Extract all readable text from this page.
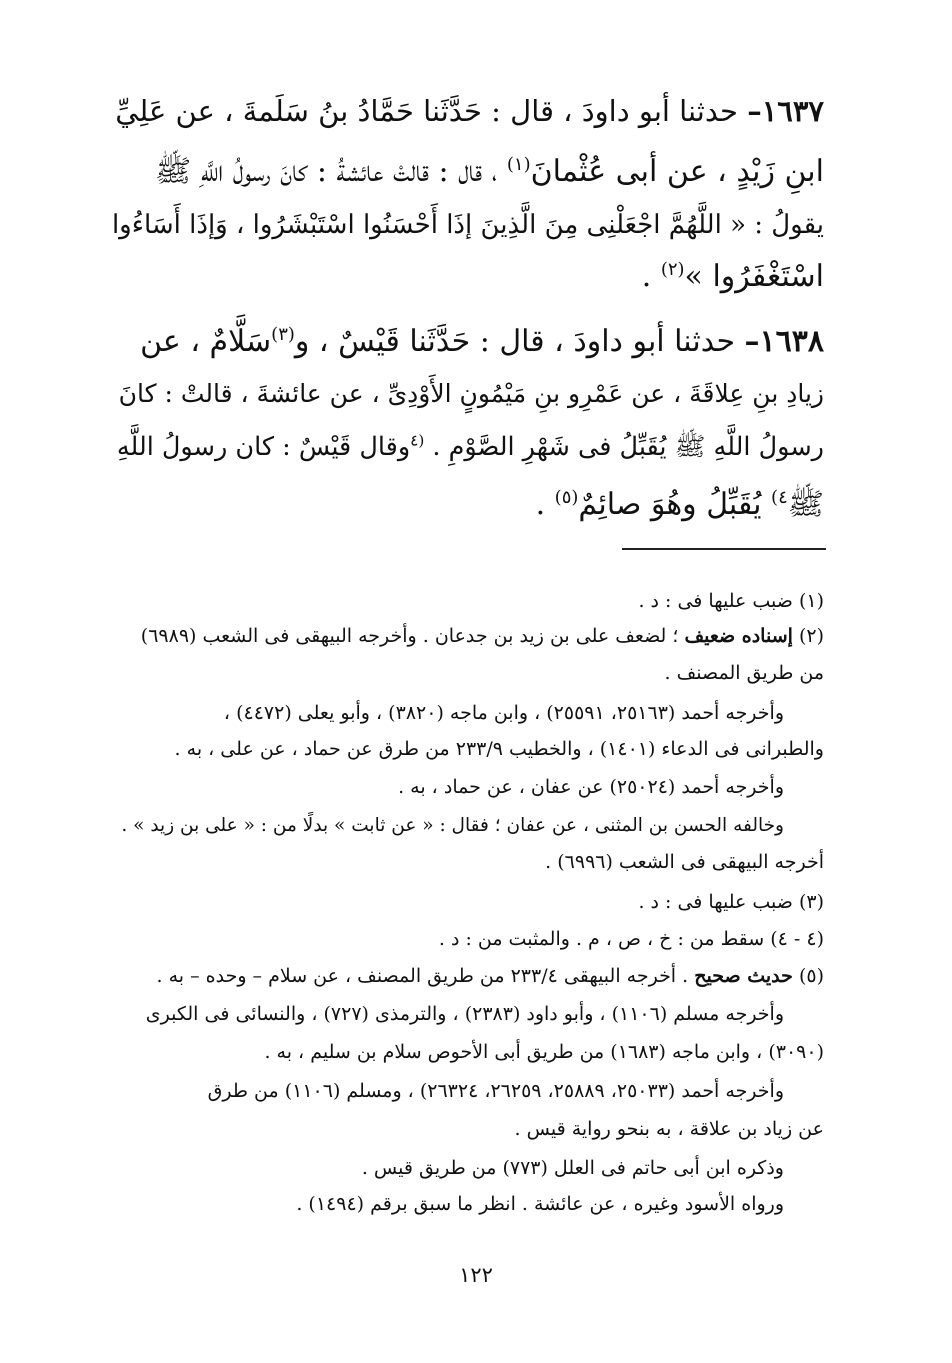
١٦٣٧– حدثنا أبو داودَ ، قال : حَدَّثَنا حَمَّادُ بنُ سَلَمةَ ، عن عَلِيِّ
ابنِ زَيْدٍ ، عن أبى عُثْمانَ$^{(١)}$ ، قال : قالتْ عائشةُ : كانَ رسولُ اللَّهِ ﷺ
يقولُ : « اللَّهُمَّ اجْعَلْنِى مِنَ الَّذِينَ إذَا أَحْسَنُوا اسْتَبْشَرُوا ، وَإذَا أَسَاءُوا
اسْتَغْفَرُوا »$^{(٢)}$ .
١٦٣٨– حدثنا أبو داودَ ، قال : حَدَّثَنا قَيْسٌ ، و$^{(٣)}$سَلَّامٌ ، عن
زيادِ بنِ عِلاقَةَ ، عن عَمْرِو بنِ مَيْمُونٍ الأَوْدِىِّ ، عن عائشةَ ، قالتْ : كانَ
رسولُ اللَّهِ ﷺ يُقَبِّلُ فى شَهْرِ الصَّوْمِ . $^{(٤}$وقال قَيْسٌ : كان رسولُ اللَّهِ
ﷺ$^{٤)}$ يُقَبِّلُ وهُوَ صائِمٌ$^{(٥)}$ .
(١) ضبب عليها فى : د .
(٢) إسناده ضعيف ؛ لضعف على بن زيد بن جدعان . وأخرجه البيهقى فى الشعب (٦٩٨٩)
من طريق المصنف .
وأخرجه أحمد (٢٥١٦٣، ٢٥٥٩١) ، وابن ماجه (٣٨٢٠) ، وأبو يعلى (٤٤٧٢) ،
والطبرانى فى الدعاء (١٤٠١) ، والخطيب ٢٣٣/٩ من طرق عن حماد ، عن على ، به .
وأخرجه أحمد (٢٥٠٢٤) عن عفان ، عن حماد ، به .
وخالفه الحسن بن المثنى ، عن عفان ؛ فقال : « عن ثابت » بدلًا من : « على بن زيد » .
أخرجه البيهقى فى الشعب (٦٩٩٦) .
(٣) ضبب عليها فى : د .
(٤ - ٤) سقط من : خ ، ص ، م . والمثبت من : د .
(٥) حديث صحيح . أخرجه البيهقى ٢٣٣/٤ من طريق المصنف ، عن سلام – وحده – به .
وأخرجه مسلم (١١٠٦) ، وأبو داود (٢٣٨٣) ، والترمذى (٧٢٧) ، والنسائى فى الكبرى
(٣٠٩٠) ، وابن ماجه (١٦٨٣) من طريق أبى الأحوص سلام بن سليم ، به .
وأخرجه أحمد (٢٥٠٣٣، ٢٥٨٨٩، ٢٦٢٥٩، ٢٦٣٢٤) ، ومسلم (١١٠٦) من طرق
عن زياد بن علاقة ، به بنحو رواية قيس .
وذكره ابن أبى حاتم فى العلل (٧٧٣) من طريق قيس .
ورواه الأسود وغيره ، عن عائشة . انظر ما سبق برقم (١٤٩٤) .
١٢٢
